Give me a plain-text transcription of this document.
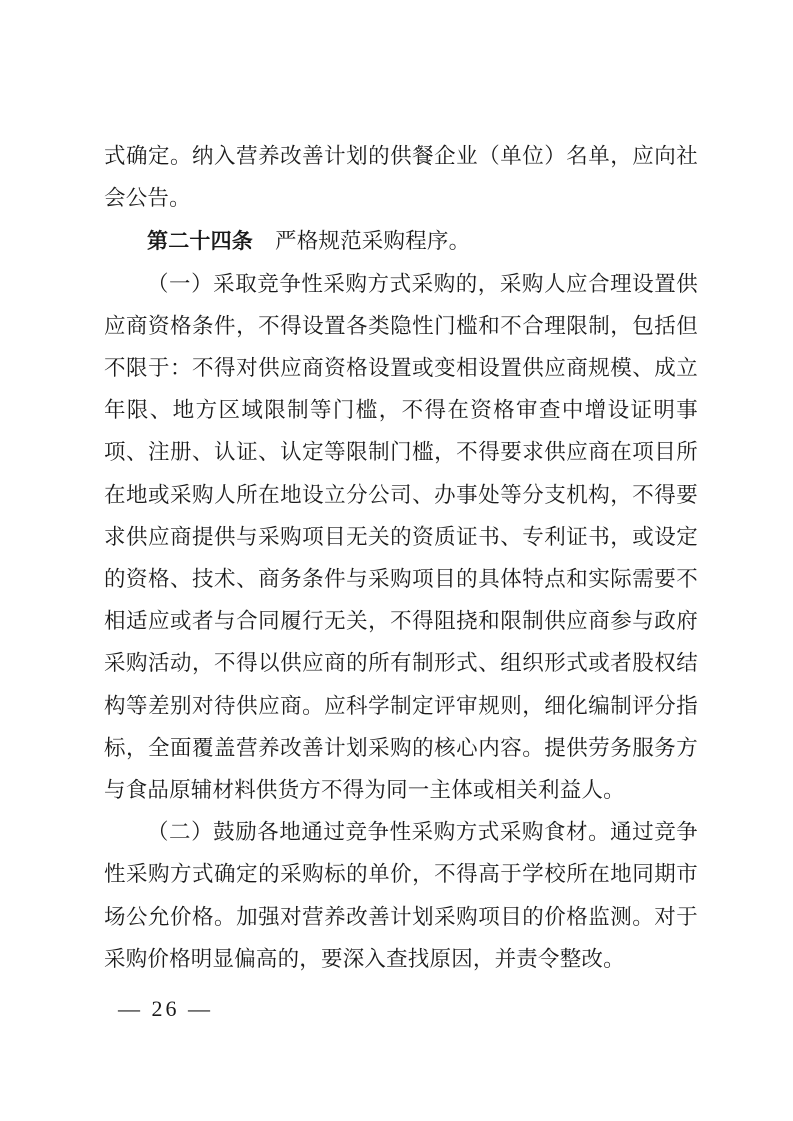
式确定。纳入营养改善计划的供餐企业（单位）名单，应向社会公告。

第二十四条 严格规范采购程序。

（一）采取竞争性采购方式采购的，采购人应合理设置供应商资格条件，不得设置各类隐性门槛和不合理限制，包括但不限于：不得对供应商资格设置或变相设置供应商规模、成立年限、地方区域限制等门槛，不得在资格审查中增设证明事项、注册、认证、认定等限制门槛，不得要求供应商在项目所在地或采购人所在地设立分公司、办事处等分支机构，不得要求供应商提供与采购项目无关的资质证书、专利证书，或设定的资格、技术、商务条件与采购项目的具体特点和实际需要不相适应或者与合同履行无关，不得阻挠和限制供应商参与政府采购活动，不得以供应商的所有制形式、组织形式或者股权结构等差别对待供应商。应科学制定评审规则，细化编制评分指标，全面覆盖营养改善计划采购的核心内容。提供劳务服务方与食品原辅材料供货方不得为同一主体或相关利益人。

（二）鼓励各地通过竞争性采购方式采购食材。通过竞争性采购方式确定的采购标的单价，不得高于学校所在地同期市场公允价格。加强对营养改善计划采购项目的价格监测。对于采购价格明显偏高的，要深入查找原因，并责令整改。

— 26 —
